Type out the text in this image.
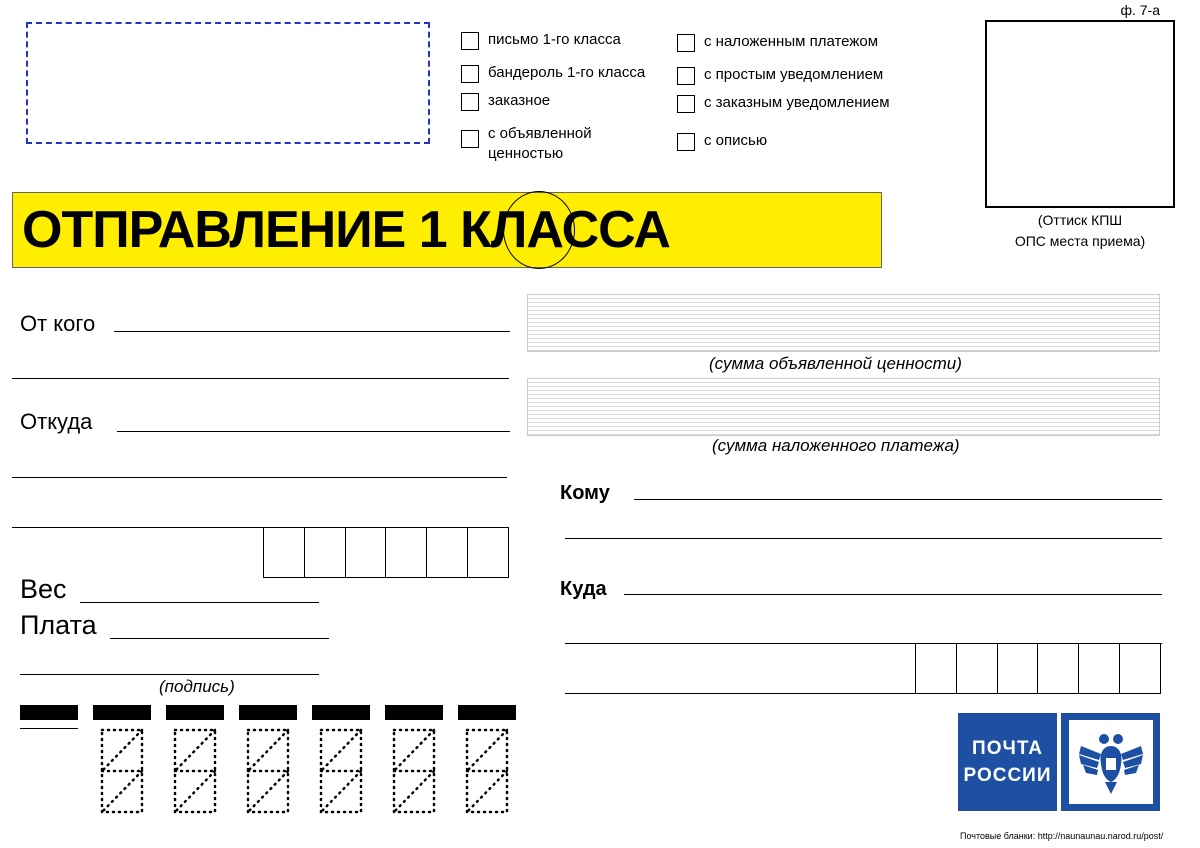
письмо 1-го класса
бандероль 1-го класса
заказное
с объявленной
ценностью
с наложенным платежом
с простым уведомлением
с заказным уведомлением
с описью
ф. 7-а
(Оттиск КПШ
ОПС места приема)
ОТПРАВЛЕНИЕ 1 КЛАССА
От кого
Откуда
Вес
Плата
(подпись)
(сумма объявленной ценности)
(сумма наложенного платежа)
Кому
Куда
ПОЧТА
РОССИИ
Почтовые бланки: http://naunaunau.narod.ru/post/
